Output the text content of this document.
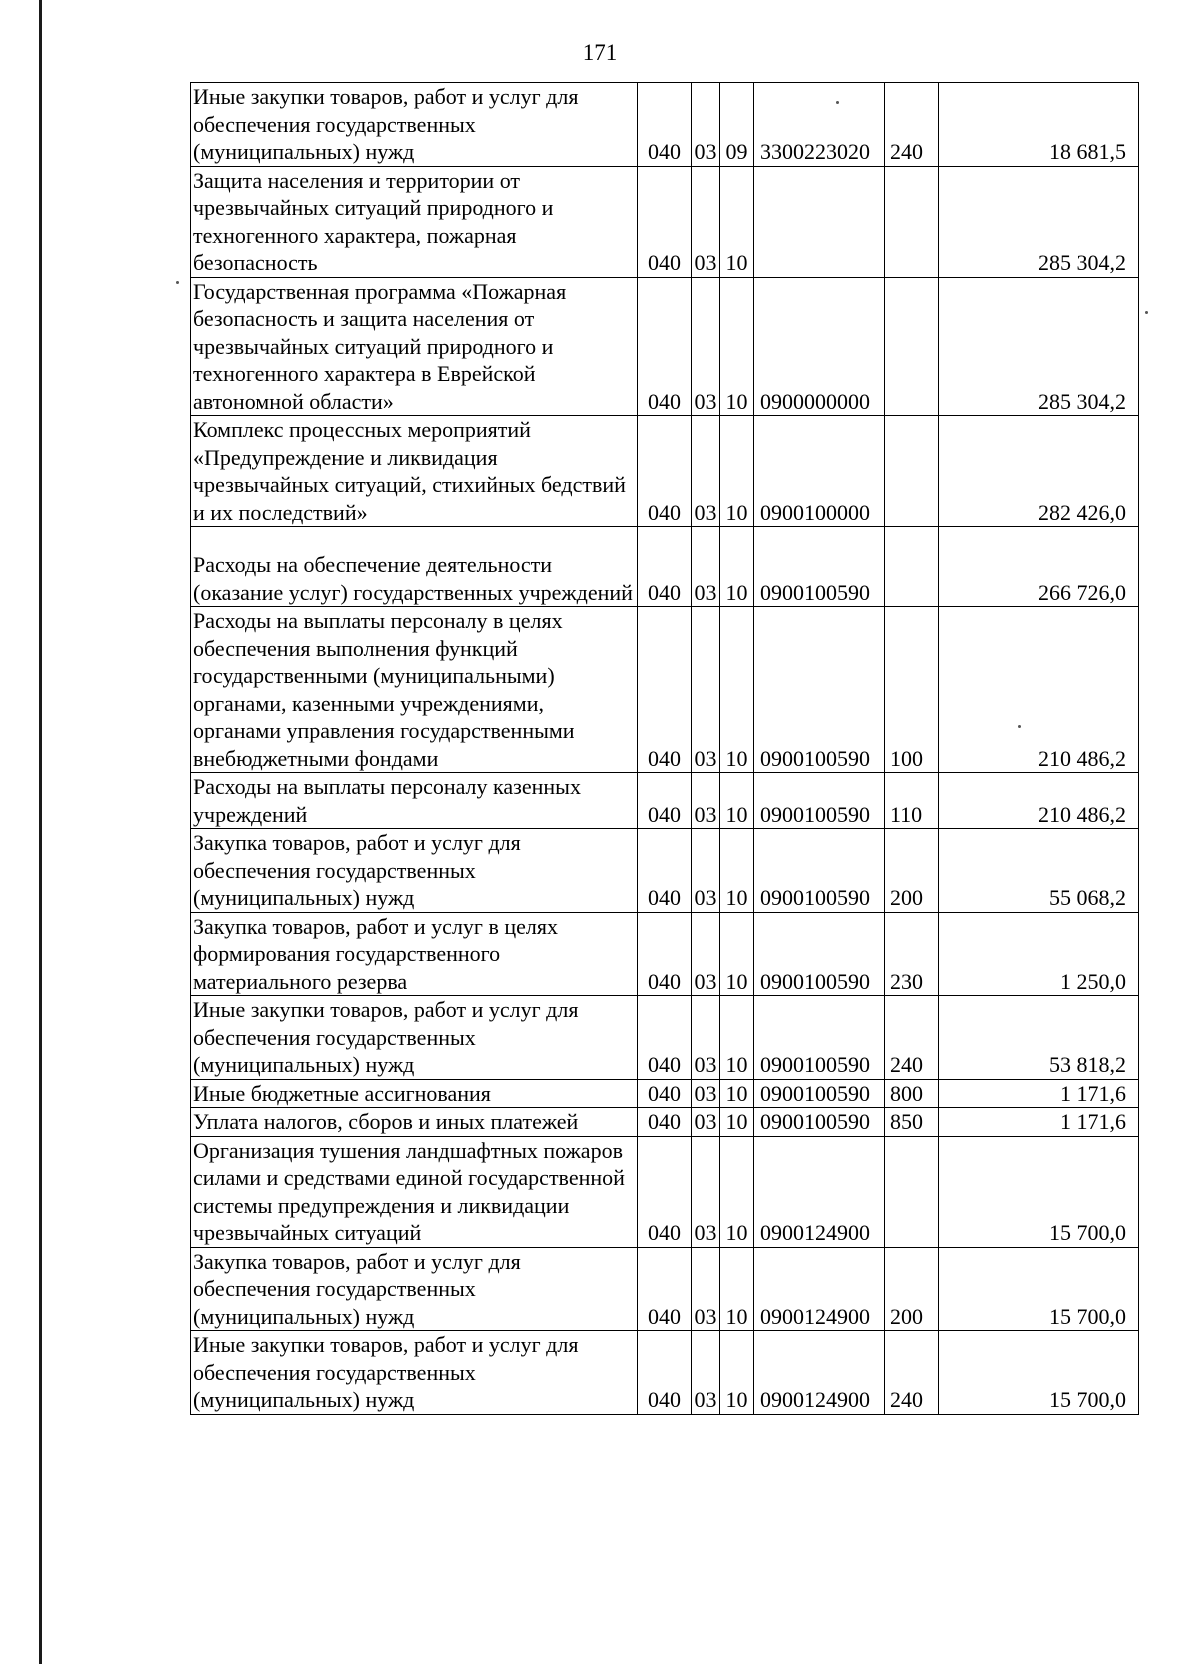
171
Иные закупки товаров, работ и услуг для обеспечения государственных (муниципальных) нужд	040	03	09	3300223020	240	18 681,5
Защита населения и территории от чрезвычайных ситуаций природного и техногенного характера, пожарная безопасность	040	03	10			285 304,2
Государственная программа «Пожарная безопасность и защита населения от чрезвычайных ситуаций природного и техногенного характера в Еврейской автономной области»	040	03	10	0900000000		285 304,2
Комплекс процессных мероприятий «Предупреждение и ликвидация чрезвычайных ситуаций, стихийных бедствий и их последствий»	040	03	10	0900100000		282 426,0
Расходы на обеспечение деятельности (оказание услуг) государственных учреждений	040	03	10	0900100590		266 726,0
Расходы на выплаты персоналу в целях обеспечения выполнения функций государственными (муниципальными) органами, казенными учреждениями, органами управления государственными внебюджетными фондами	040	03	10	0900100590	100	210 486,2
Расходы на выплаты персоналу казенных учреждений	040	03	10	0900100590	110	210 486,2
Закупка товаров, работ и услуг для обеспечения государственных (муниципальных) нужд	040	03	10	0900100590	200	55 068,2
Закупка товаров, работ и услуг в целях формирования государственного материального резерва	040	03	10	0900100590	230	1 250,0
Иные закупки товаров, работ и услуг для обеспечения государственных (муниципальных) нужд	040	03	10	0900100590	240	53 818,2
Иные бюджетные ассигнования	040	03	10	0900100590	800	1 171,6
Уплата налогов, сборов и иных платежей	040	03	10	0900100590	850	1 171,6
Организация тушения ландшафтных пожаров силами и средствами единой государственной системы предупреждения и ликвидации чрезвычайных ситуаций	040	03	10	0900124900		15 700,0
Закупка товаров, работ и услуг для обеспечения государственных (муниципальных) нужд	040	03	10	0900124900	200	15 700,0
Иные закупки товаров, работ и услуг для обеспечения государственных (муниципальных) нужд	040	03	10	0900124900	240	15 700,0
